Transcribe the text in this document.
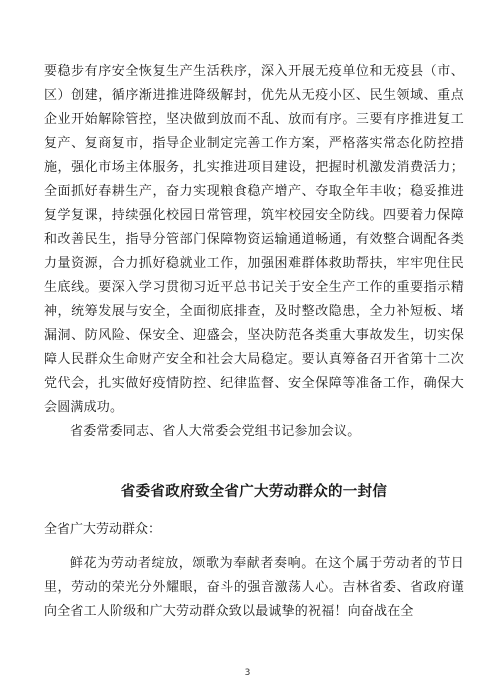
要稳步有序安全恢复生产生活秩序，深入开展无疫单位和无疫县（市、区）创建，循序渐进推进降级解封，优先从无疫小区、民生领域、重点企业开始解除管控，坚决做到放而不乱、放而有序。三要有序推进复工复产、复商复市，指导企业制定完善工作方案，严格落实常态化防控措施，强化市场主体服务，扎实推进项目建设，把握时机激发消费活力；全面抓好春耕生产，奋力实现粮食稳产增产、夺取全年丰收；稳妥推进复学复课，持续强化校园日常管理，筑牢校园安全防线。四要着力保障和改善民生，指导分管部门保障物资运输通道畅通，有效整合调配各类力量资源，合力抓好稳就业工作，加强困难群体救助帮扶，牢牢兜住民生底线。要深入学习贯彻习近平总书记关于安全生产工作的重要指示精神，统筹发展与安全，全面彻底排查，及时整改隐患，全力补短板、堵漏洞、防风险、保安全、迎盛会，坚决防范各类重大事故发生，切实保障人民群众生命财产安全和社会大局稳定。要认真筹备召开省第十二次党代会，扎实做好疫情防控、纪律监督、安全保障等准备工作，确保大会圆满成功。

省委常委同志、省人大常委会党组书记参加会议。

省委省政府致全省广大劳动群众的一封信

全省广大劳动群众：

鲜花为劳动者绽放，颂歌为奉献者奏响。在这个属于劳动者的节日里，劳动的荣光分外耀眼，奋斗的强音激荡人心。吉林省委、省政府谨向全省工人阶级和广大劳动群众致以最诚挚的祝福！向奋战在全

3
